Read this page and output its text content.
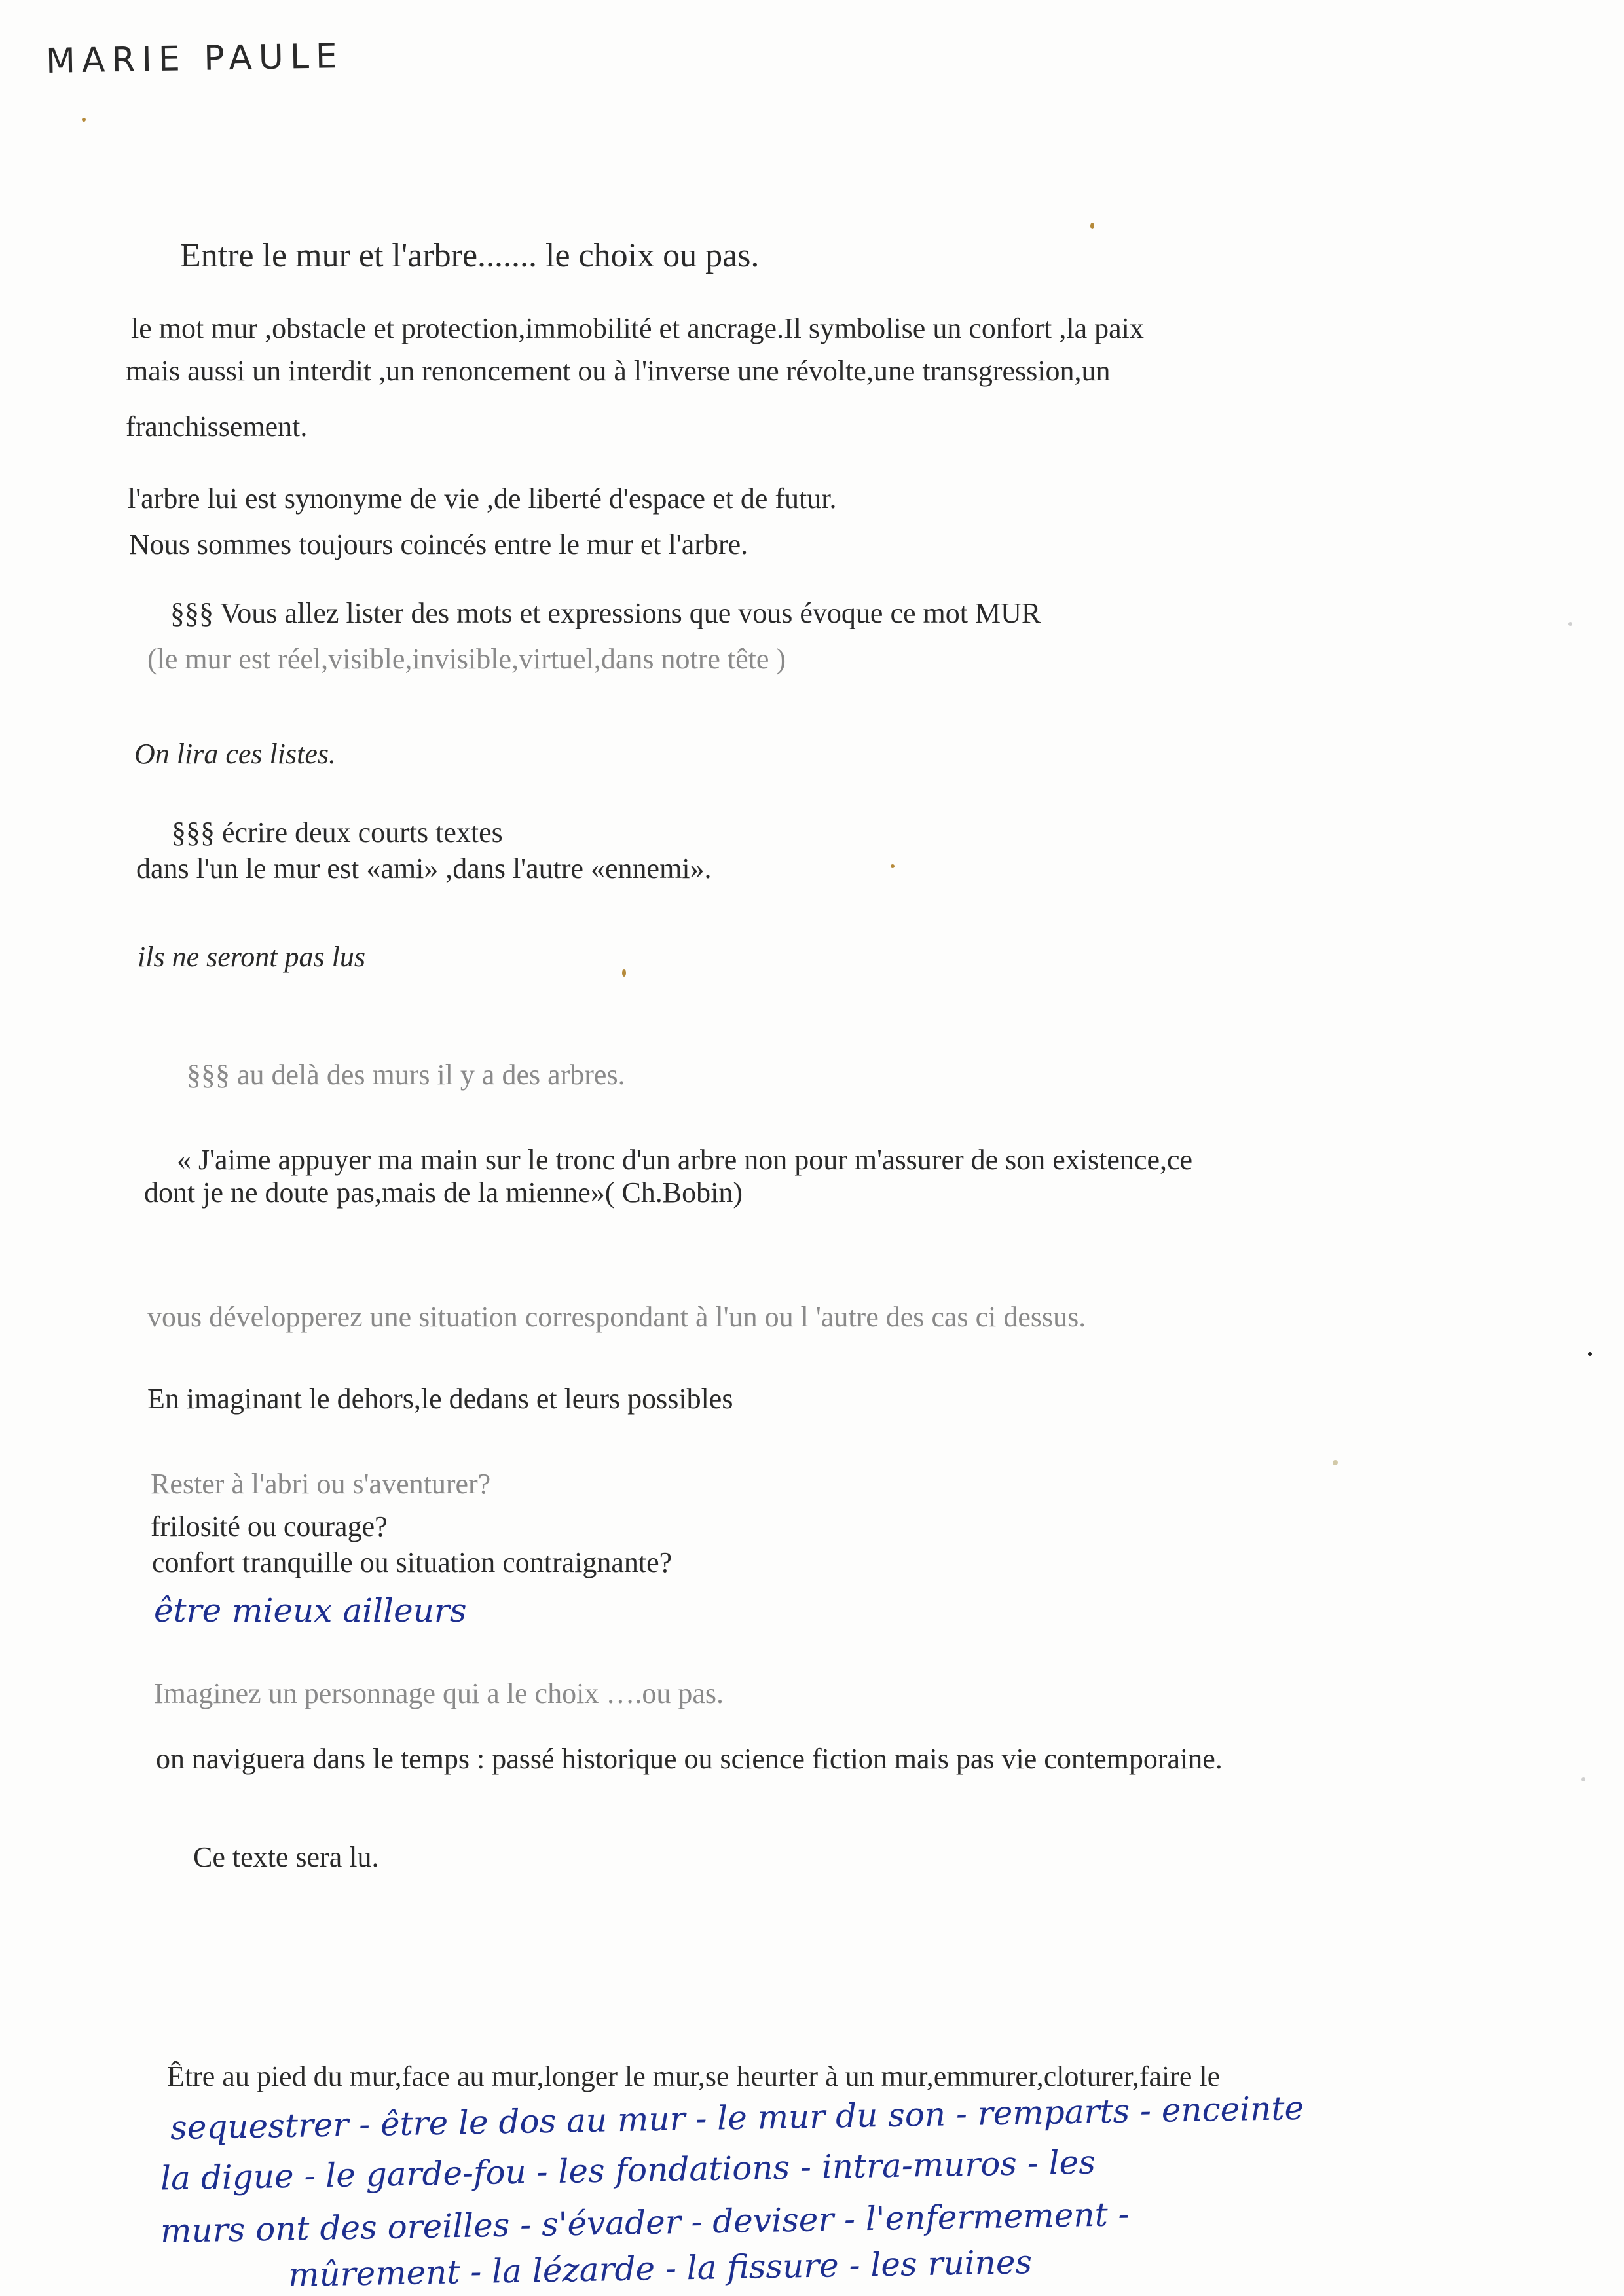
MARIE PAULE
Entre le mur et l'arbre....... le choix ou pas.
le mot mur ,obstacle et protection,immobilité et ancrage.Il symbolise un confort ,la paix
mais aussi un interdit ,un renoncement ou à l'inverse une révolte,une transgression,un
franchissement.
l'arbre lui est synonyme de vie ,de liberté d'espace et de futur.
Nous sommes toujours coincés entre le mur et l'arbre.
§§§ Vous allez lister des mots et expressions que vous évoque ce mot MUR
(le mur est réel,visible,invisible,virtuel,dans notre tête )
On lira ces listes.
§§§ écrire deux courts textes
dans l'un le mur est «ami» ,dans l'autre «ennemi».
ils ne seront pas lus
§§§ au delà des murs il y a des arbres.
« J'aime appuyer ma main sur le tronc d'un arbre non pour m'assurer de son existence,ce
dont je ne doute pas,mais de la mienne»( Ch.Bobin)
vous développerez une situation correspondant à l'un ou l 'autre des cas ci dessus.
En imaginant le dehors,le dedans et leurs possibles
Rester à l'abri ou s'aventurer?
frilosité ou courage?
confort tranquille ou situation contraignante?
être mieux ailleurs
Imaginez un personnage qui a le choix ….ou pas.
on naviguera dans le temps : passé historique ou science fiction mais pas vie contemporaine.
Ce texte sera lu.
Être au pied du mur,face au mur,longer le mur,se heurter à un mur,emmurer,cloturer,faire le
sequestrer - être le dos au mur - le mur du son - remparts - enceinte
la digue - le garde-fou - les fondations - intra-muros - les
murs ont des oreilles - s'évader - deviser - l'enfermement -
mûrement - la lézarde - la fissure - les ruines
